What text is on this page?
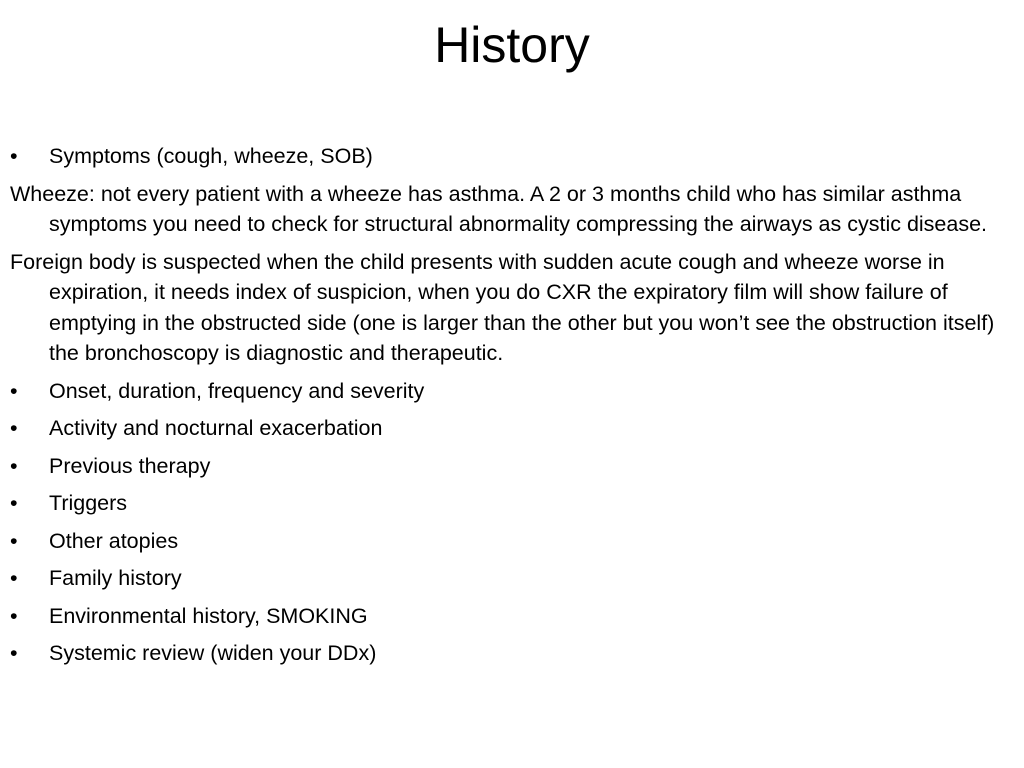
History
•	Symptoms (cough, wheeze, SOB)
Wheeze: not every patient with a wheeze has asthma. A 2 or 3 months child who has similar asthma symptoms you need to check for structural abnormality compressing the airways as cystic disease.
Foreign body is suspected when the child presents with sudden acute cough and wheeze worse in expiration, it needs index of suspicion, when you do CXR the expiratory film will show failure of emptying in the obstructed side (one is larger than the other but you won’t see the obstruction itself) the bronchoscopy is diagnostic and therapeutic.
•	Onset, duration, frequency and severity
•	Activity and nocturnal exacerbation
•	Previous therapy
•	Triggers
•	Other atopies
•	Family history
•	Environmental history, SMOKING
•	Systemic review (widen your DDx)
